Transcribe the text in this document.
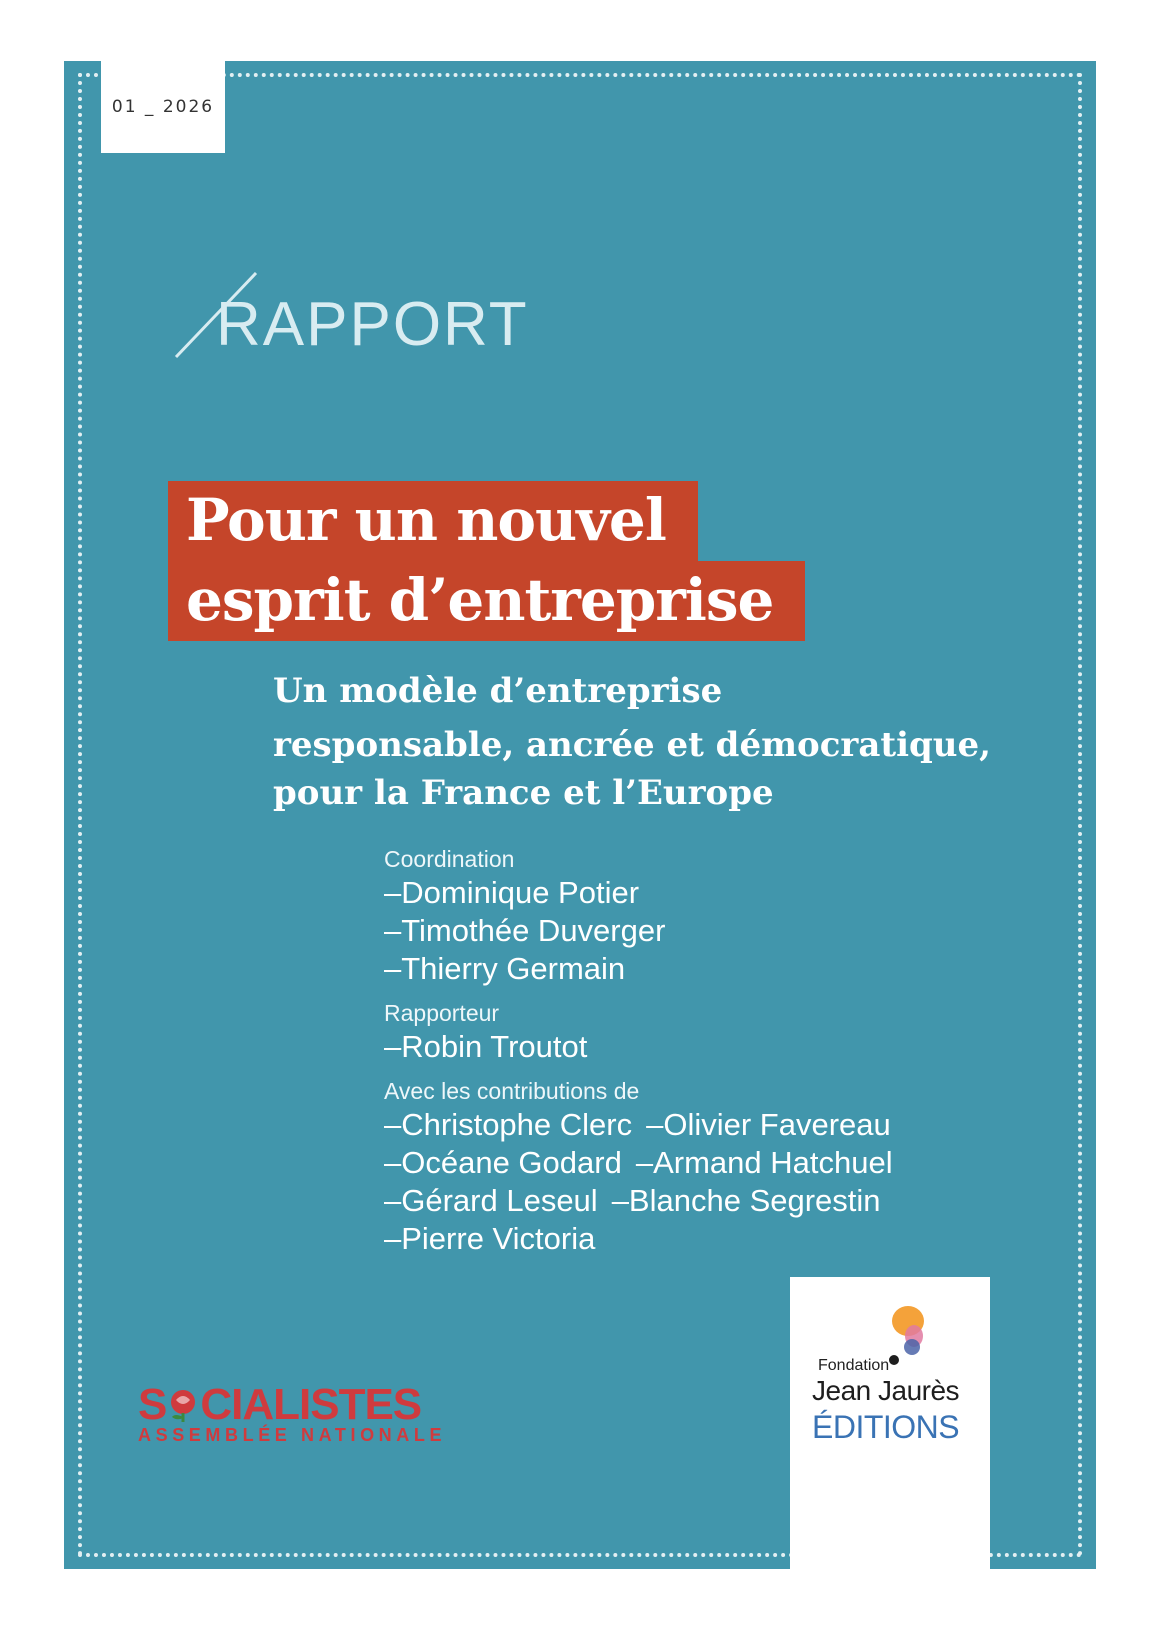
01 _ 2026
RAPPORT
Pour un nouvel
esprit d’entreprise
Un modèle d’entreprise
responsable, ancrée et démocratique,
pour la France et l’Europe
Coordination
–Dominique Potier
–Timothée Duverger
–Thierry Germain
Rapporteur
–Robin Troutot
Avec les contributions de
–Christophe Clerc –Olivier Favereau
–Océane Godard –Armand Hatchuel
–Gérard Leseul –Blanche Segrestin
–Pierre Victoria
S CIALISTES
ASSEMBLÉE NATIONALE
Fondation
Jean Jaurès
ÉDITIONS
